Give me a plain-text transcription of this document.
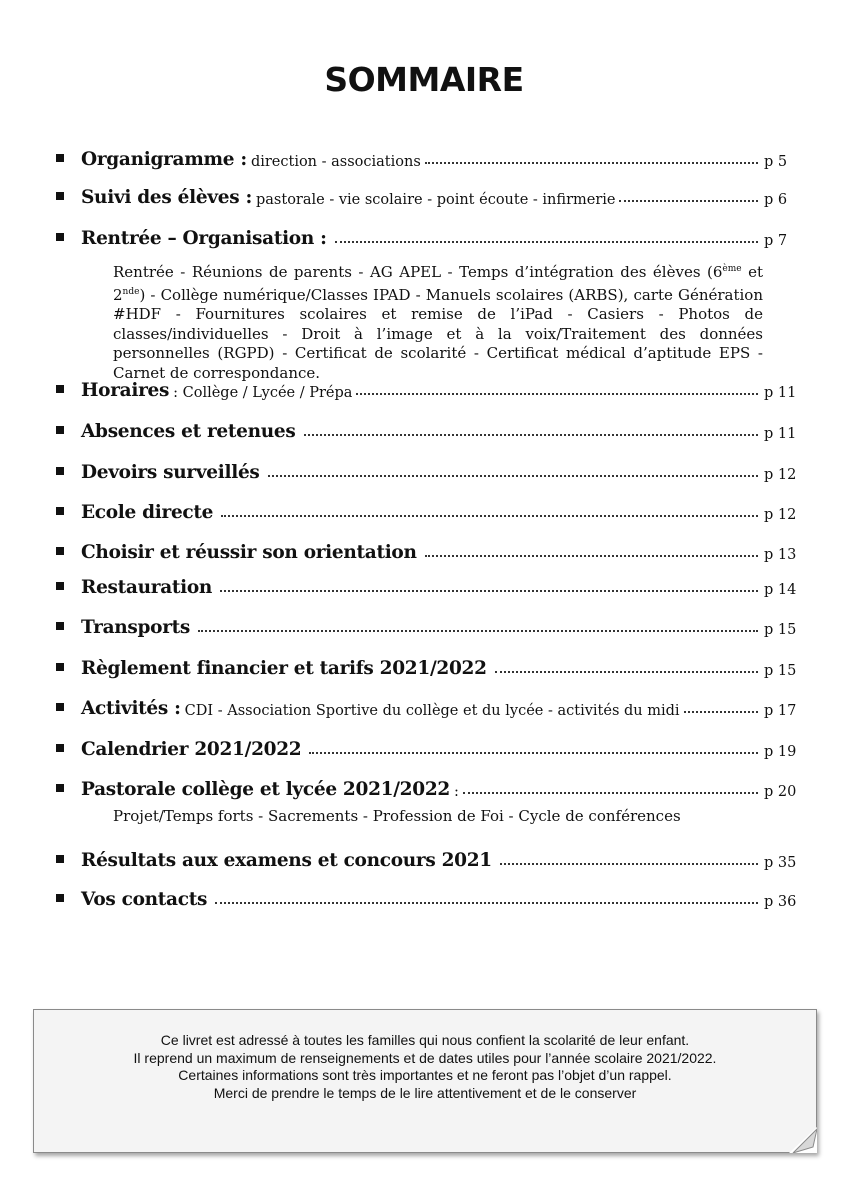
SOMMAIRE
Organigramme : direction - associations	p 5
Suivi des élèves : pastorale - vie scolaire - point écoute - infirmerie	p 6
Rentrée – Organisation :	p 7
Rentrée - Réunions de parents - AG APEL - Temps d’intégration des élèves (6ème et 2nde) - Collège numérique/Classes IPAD - Manuels scolaires (ARBS), carte Génération #HDF - Fournitures scolaires et remise de l’iPad - Casiers - Photos de classes/individuelles - Droit à l’image et à la voix/Traitement des données personnelles (RGPD) - Certificat de scolarité - Certificat médical d’aptitude EPS - Carnet de correspondance.
Horaires : Collège / Lycée / Prépa	p 11
Absences et retenues	p 11
Devoirs surveillés	p 12
Ecole directe	p 12
Choisir et réussir son orientation	p 13
Restauration	p 14
Transports	p 15
Règlement financier et tarifs 2021/2022	p 15
Activités : CDI - Association Sportive du collège et du lycée - activités du midi	p 17
Calendrier 2021/2022	p 19
Pastorale collège et lycée 2021/2022 :	p 20
Projet/Temps forts - Sacrements - Profession de Foi - Cycle de conférences
Résultats aux examens et concours 2021	p 35
Vos contacts	p 36
Ce livret est adressé à toutes les familles qui nous confient la scolarité de leur enfant.
Il reprend un maximum de renseignements et de dates utiles pour l’année scolaire 2021/2022.
Certaines informations sont très importantes et ne feront pas l’objet d’un rappel.
Merci de prendre le temps de le lire attentivement et de le conserver
